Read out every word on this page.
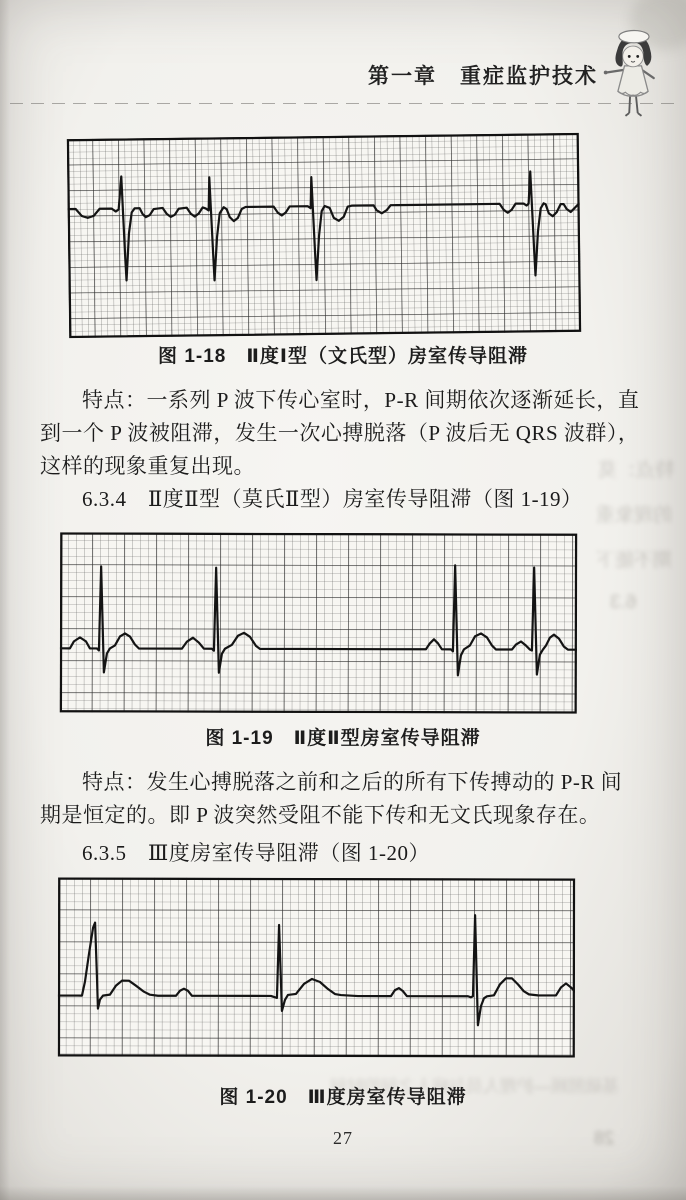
第一章　重症监护技术
图 1-18　Ⅱ度Ⅰ型（文氏型）房室传导阻滞
特点：一系列 P 波下传心室时，P-R 间期依次逐渐延长，直
到一个 P 波被阻滞，发生一次心搏脱落（P 波后无 QRS 波群），
这样的现象重复出现。
6.3.4　Ⅱ度Ⅱ型（莫氏Ⅱ型）房室传导阻滞（图 1-19）
图 1-19　Ⅱ度Ⅱ型房室传导阻滞
特点：发生心搏脱落之前和之后的所有下传搏动的 P-R 间
期是恒定的。即 P 波突然受阻不能下传和无文氏现象存在。
6.3.5　Ⅲ度房室传导阻滞（图 1-20）
图 1-20　Ⅲ度房室传导阻滞
27
特点：莫
的现象重
期不能下
6.3
基础照顾—护理人员与病人之间的时间
28
